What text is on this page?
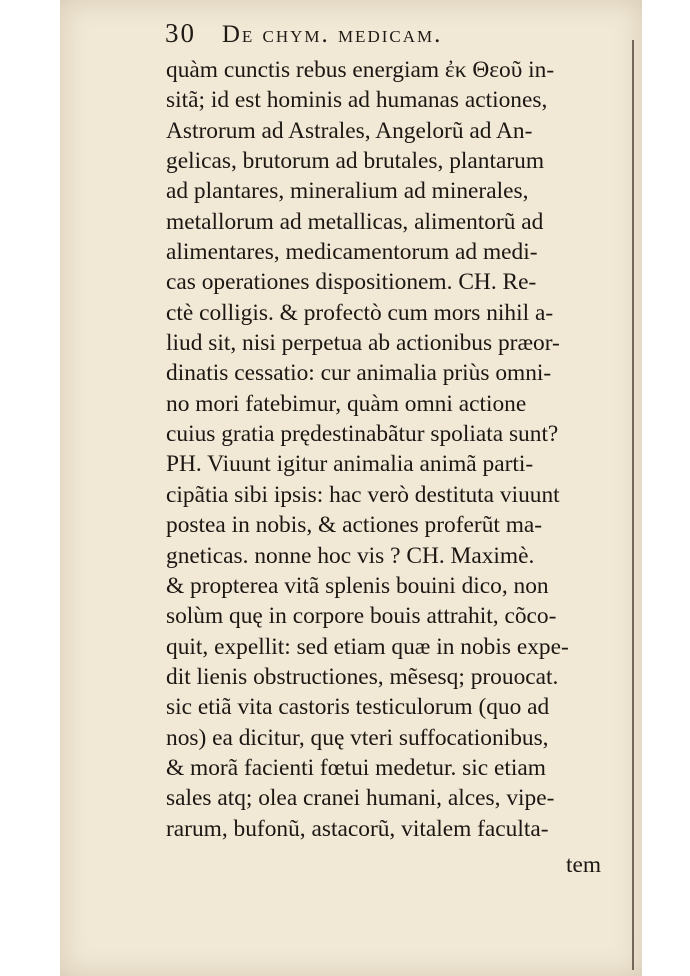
30 De chym. medicam.
quàm cunctis rebus energiam ἐκ Θεοῦ in-
sitã; id est hominis ad humanas actiones,
Astrorum ad Astrales, Angelorũ ad An-
gelicas, brutorum ad brutales, plantarum
ad plantares, mineralium ad minerales,
metallorum ad metallicas, alimentorũ ad
alimentares, medicamentorum ad medi-
cas operationes dispositionem. CH. Re-
ctè colligis. & profectò cum mors nihil a-
liud sit, nisi perpetua ab actionibus præor-
dinatis cessatio: cur animalia priùs omni-
no mori fatebimur, quàm omni actione
cuius gratia prędestinabãtur spoliata sunt?
PH. Viuunt igitur animalia animã parti-
cipãtia sibi ipsis: hac verò destituta viuunt
postea in nobis, & actiones proferũt ma-
gneticas. nonne hoc vis ? CH. Maximè.
& propterea vitã splenis bouini dico, non
solùm quę in corpore bouis attrahit, cõco-
quit, expellit: sed etiam quæ in nobis expe-
dit lienis obstructiones, mẽsesq; prouocat.
sic etiã vita castoris testiculorum (quo ad
nos) ea dicitur, quę vteri suffocationibus,
& morã facienti fœtui medetur. sic etiam
sales atq; olea cranei humani, alces, vipe-
rarum, bufonũ, astacorũ, vitalem faculta-
tem
